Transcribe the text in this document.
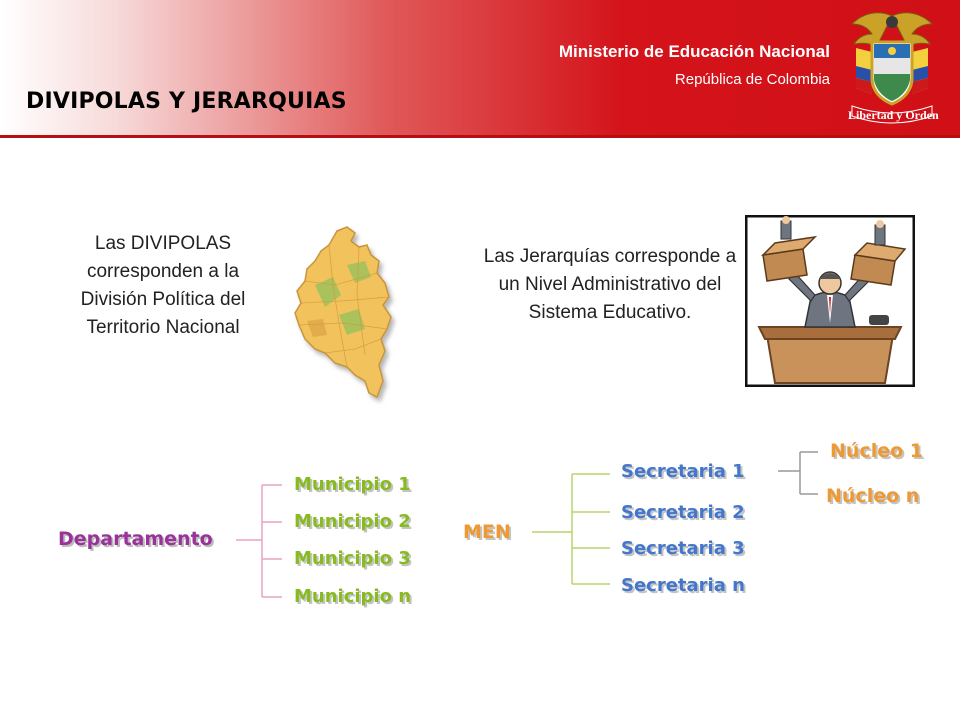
Ministerio de Educación Nacional
República de Colombia
Libertad y Orden
DIVIPOLAS Y JERARQUIAS
Las DIVIPOLAS corresponden a la División Política del Territorio Nacional
Las Jerarquías corresponde a un Nivel Administrativo del Sistema Educativo.
Departamento
Municipio 1
Municipio 2
Municipio 3
Municipio n
MEN
Secretaria 1
Secretaria 2
Secretaria 3
Secretaria n
Núcleo 1
Núcleo n
